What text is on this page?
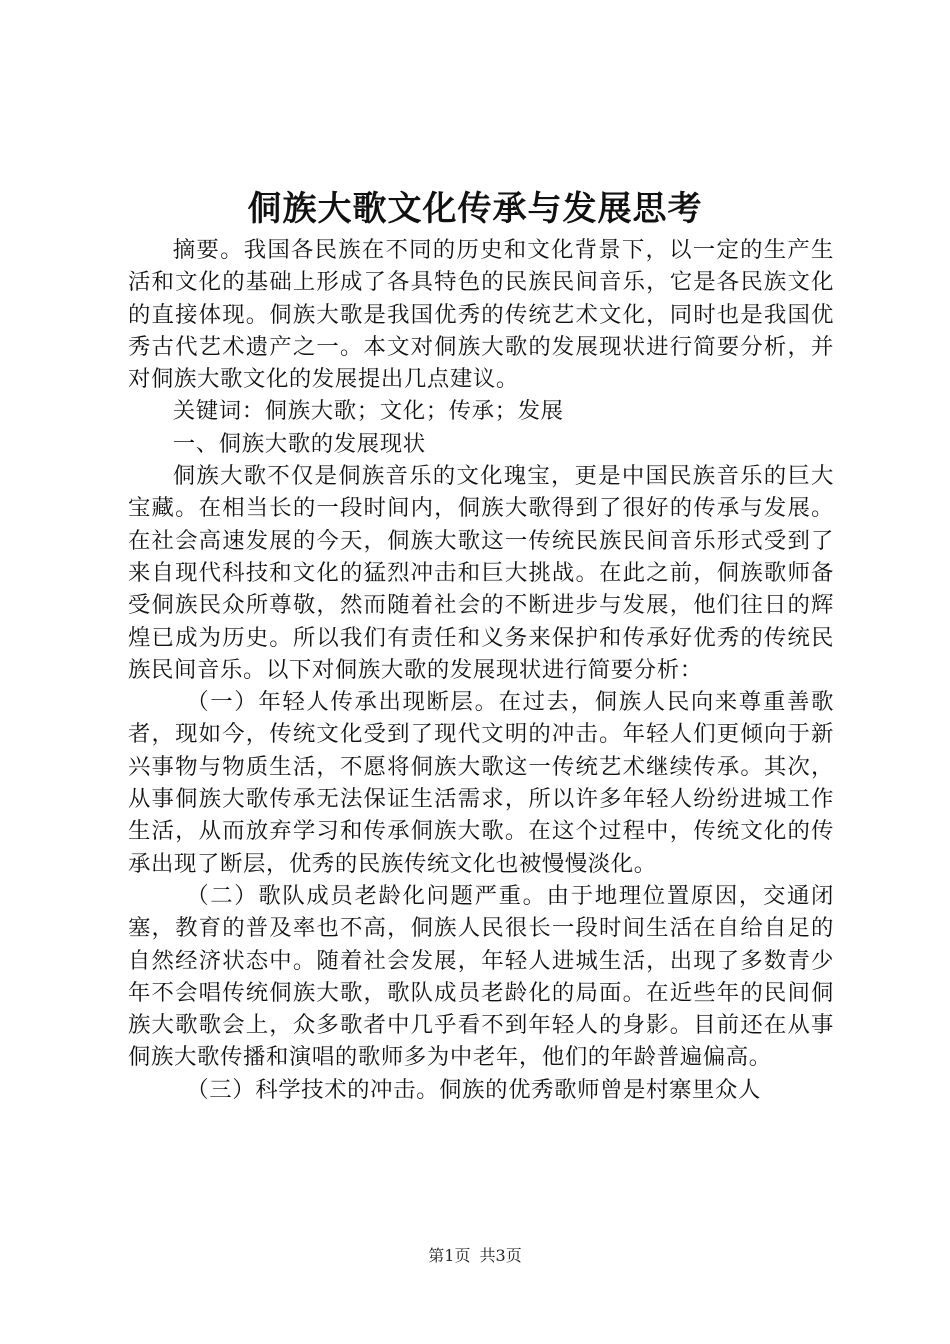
侗族大歌文化传承与发展思考

摘要。我国各民族在不同的历史和文化背景下，以一定的生产生活和文化的基础上形成了各具特色的民族民间音乐，它是各民族文化的直接体现。侗族大歌是我国优秀的传统艺术文化，同时也是我国优秀古代艺术遗产之一。本文对侗族大歌的发展现状进行简要分析，并对侗族大歌文化的发展提出几点建议。

关键词：侗族大歌；文化；传承；发展

一、侗族大歌的发展现状

侗族大歌不仅是侗族音乐的文化瑰宝，更是中国民族音乐的巨大宝藏。在相当长的一段时间内，侗族大歌得到了很好的传承与发展。在社会高速发展的今天，侗族大歌这一传统民族民间音乐形式受到了来自现代科技和文化的猛烈冲击和巨大挑战。在此之前，侗族歌师备受侗族民众所尊敬，然而随着社会的不断进步与发展，他们往日的辉煌已成为历史。所以我们有责任和义务来保护和传承好优秀的传统民族民间音乐。以下对侗族大歌的发展现状进行简要分析：

（一）年轻人传承出现断层。在过去，侗族人民向来尊重善歌者，现如今，传统文化受到了现代文明的冲击。年轻人们更倾向于新兴事物与物质生活，不愿将侗族大歌这一传统艺术继续传承。其次，从事侗族大歌传承无法保证生活需求，所以许多年轻人纷纷进城工作生活，从而放弃学习和传承侗族大歌。在这个过程中，传统文化的传承出现了断层，优秀的民族传统文化也被慢慢淡化。

（二）歌队成员老龄化问题严重。由于地理位置原因，交通闭塞，教育的普及率也不高，侗族人民很长一段时间生活在自给自足的自然经济状态中。随着社会发展，年轻人进城生活，出现了多数青少年不会唱传统侗族大歌，歌队成员老龄化的局面。在近些年的民间侗族大歌歌会上，众多歌者中几乎看不到年轻人的身影。目前还在从事侗族大歌传播和演唱的歌师多为中老年，他们的年龄普遍偏高。

（三）科学技术的冲击。侗族的优秀歌师曾是村寨里众人

第1页 共3页
